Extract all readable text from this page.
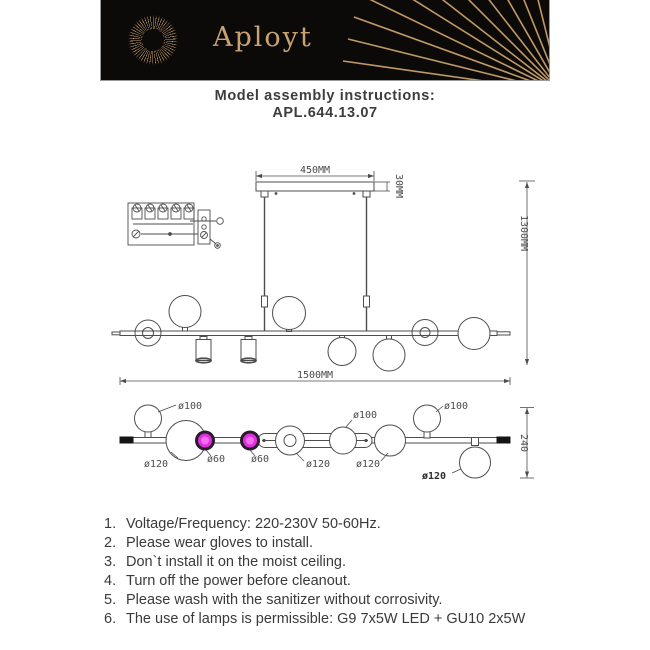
Aployt
Model assembly instructions:
APL.644.13.07
450MM
30MM
1300MM
1500MM
240
ø100
ø120	ø60	ø60	ø120
ø100
ø120
ø100
ø120
1. Voltage/Frequency: 220-230V 50-60Hz.
2. Please wear gloves to install.
3. Don`t install it on the moist ceiling.
4. Turn off the power before cleanout.
5. Please wash with the sanitizer without corrosivity.
6. The use of lamps is permissible: G9 7x5W LED + GU10 2x5W
